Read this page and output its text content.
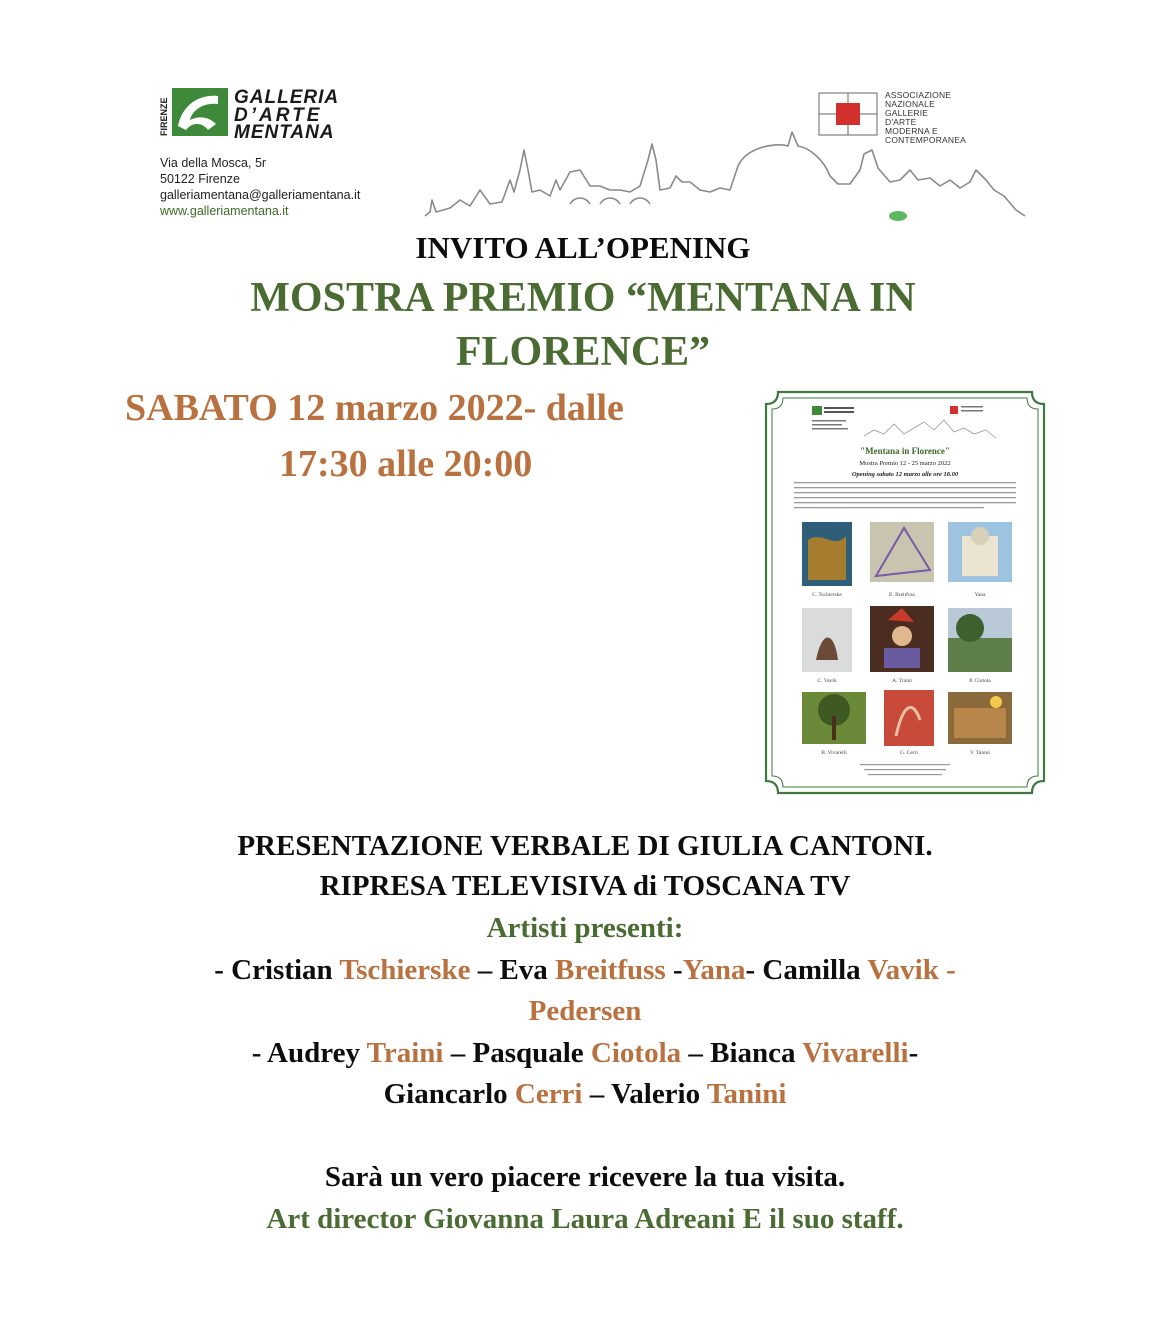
FIRENZE	GALLERIA
D’ARTE
MENTANA
Via della Mosca, 5r
50122 Firenze
galleriamentana@galleriamentana.it
www.galleriamentana.it
ASSOCIAZIONE
NAZIONALE
GALLERIE
D'ARTE
MODERNA E
CONTEMPORANEA
INVITO ALL’OPENING
MOSTRA PREMIO “MENTANA IN
FLORENCE”
SABATO 12 marzo 2022- dalle
17:30 alle 20:00	"Mentana in Florence"
Mostra Premio 12 - 25 marzo 2022
Opening sabato 12 marzo alle ore 18.00
C. Tschierske	E. Breitfuss	Yana
C. Vavik	A. Traini	P. Ciotola
B. Vivarelli	G. Cerri	V. Tanini
PRESENTAZIONE VERBALE DI GIULIA CANTONI.
RIPRESA TELEVISIVA di TOSCANA TV
Artisti presenti:
- Cristian Tschierske – Eva Breitfuss -Yana- Camilla Vavik -
Pedersen
- Audrey Traini – Pasquale Ciotola – Bianca Vivarelli-
Giancarlo Cerri – Valerio Tanini
Sarà un vero piacere ricevere la tua visita.
Art director Giovanna Laura Adreani E il suo staff.
